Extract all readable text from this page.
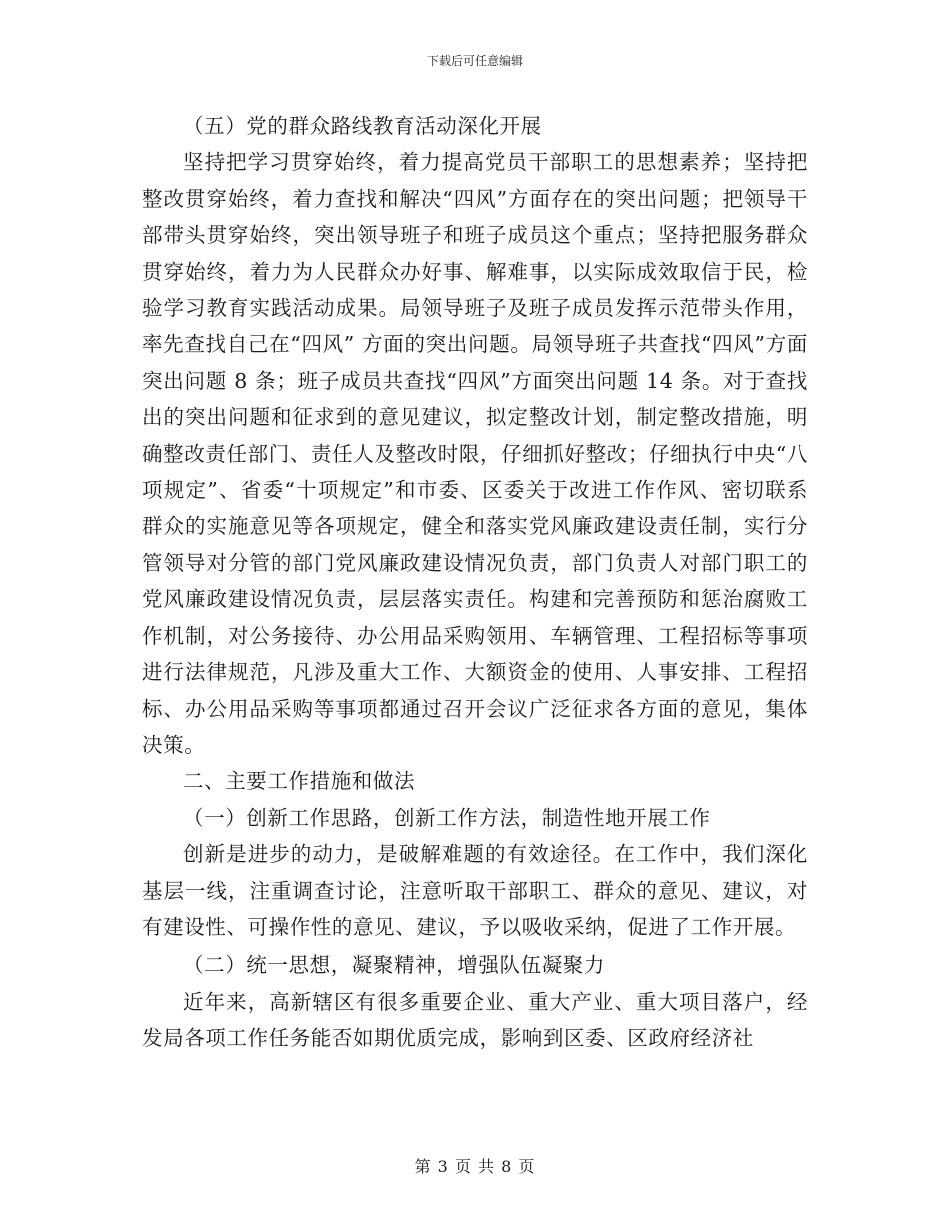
下载后可任意编辑

（五）党的群众路线教育活动深化开展

坚持把学习贯穿始终，着力提高党员干部职工的思想素养；坚持把整改贯穿始终，着力查找和解决“四风”方面存在的突出问题；把领导干部带头贯穿始终，突出领导班子和班子成员这个重点；坚持把服务群众贯穿始终，着力为人民群众办好事、解难事，以实际成效取信于民，检验学习教育实践活动成果。局领导班子及班子成员发挥示范带头作用，率先查找自己在“四风” 方面的突出问题。局领导班子共查找“四风”方面突出问题 8 条；班子成员共查找“四风”方面突出问题 14 条。对于查找出的突出问题和征求到的意见建议，拟定整改计划，制定整改措施，明确整改责任部门、责任人及整改时限，仔细抓好整改；仔细执行中央“八项规定”、省委“十项规定”和市委、区委关于改进工作作风、密切联系群众的实施意见等各项规定，健全和落实党风廉政建设责任制，实行分管领导对分管的部门党风廉政建设情况负责，部门负责人对部门职工的党风廉政建设情况负责，层层落实责任。构建和完善预防和惩治腐败工作机制，对公务接待、办公用品采购领用、车辆管理、工程招标等事项进行法律规范，凡涉及重大工作、大额资金的使用、人事安排、工程招标、办公用品采购等事项都通过召开会议广泛征求各方面的意见，集体决策。

二、主要工作措施和做法

（一）创新工作思路，创新工作方法，制造性地开展工作

创新是进步的动力，是破解难题的有效途径。在工作中，我们深化基层一线，注重调查讨论，注意听取干部职工、群众的意见、建议，对有建设性、可操作性的意见、建议，予以吸收采纳，促进了工作开展。

（二）统一思想，凝聚精神，增强队伍凝聚力

近年来，高新辖区有很多重要企业、重大产业、重大项目落户，经发局各项工作任务能否如期优质完成，影响到区委、区政府经济社

第 3 页 共 8 页
